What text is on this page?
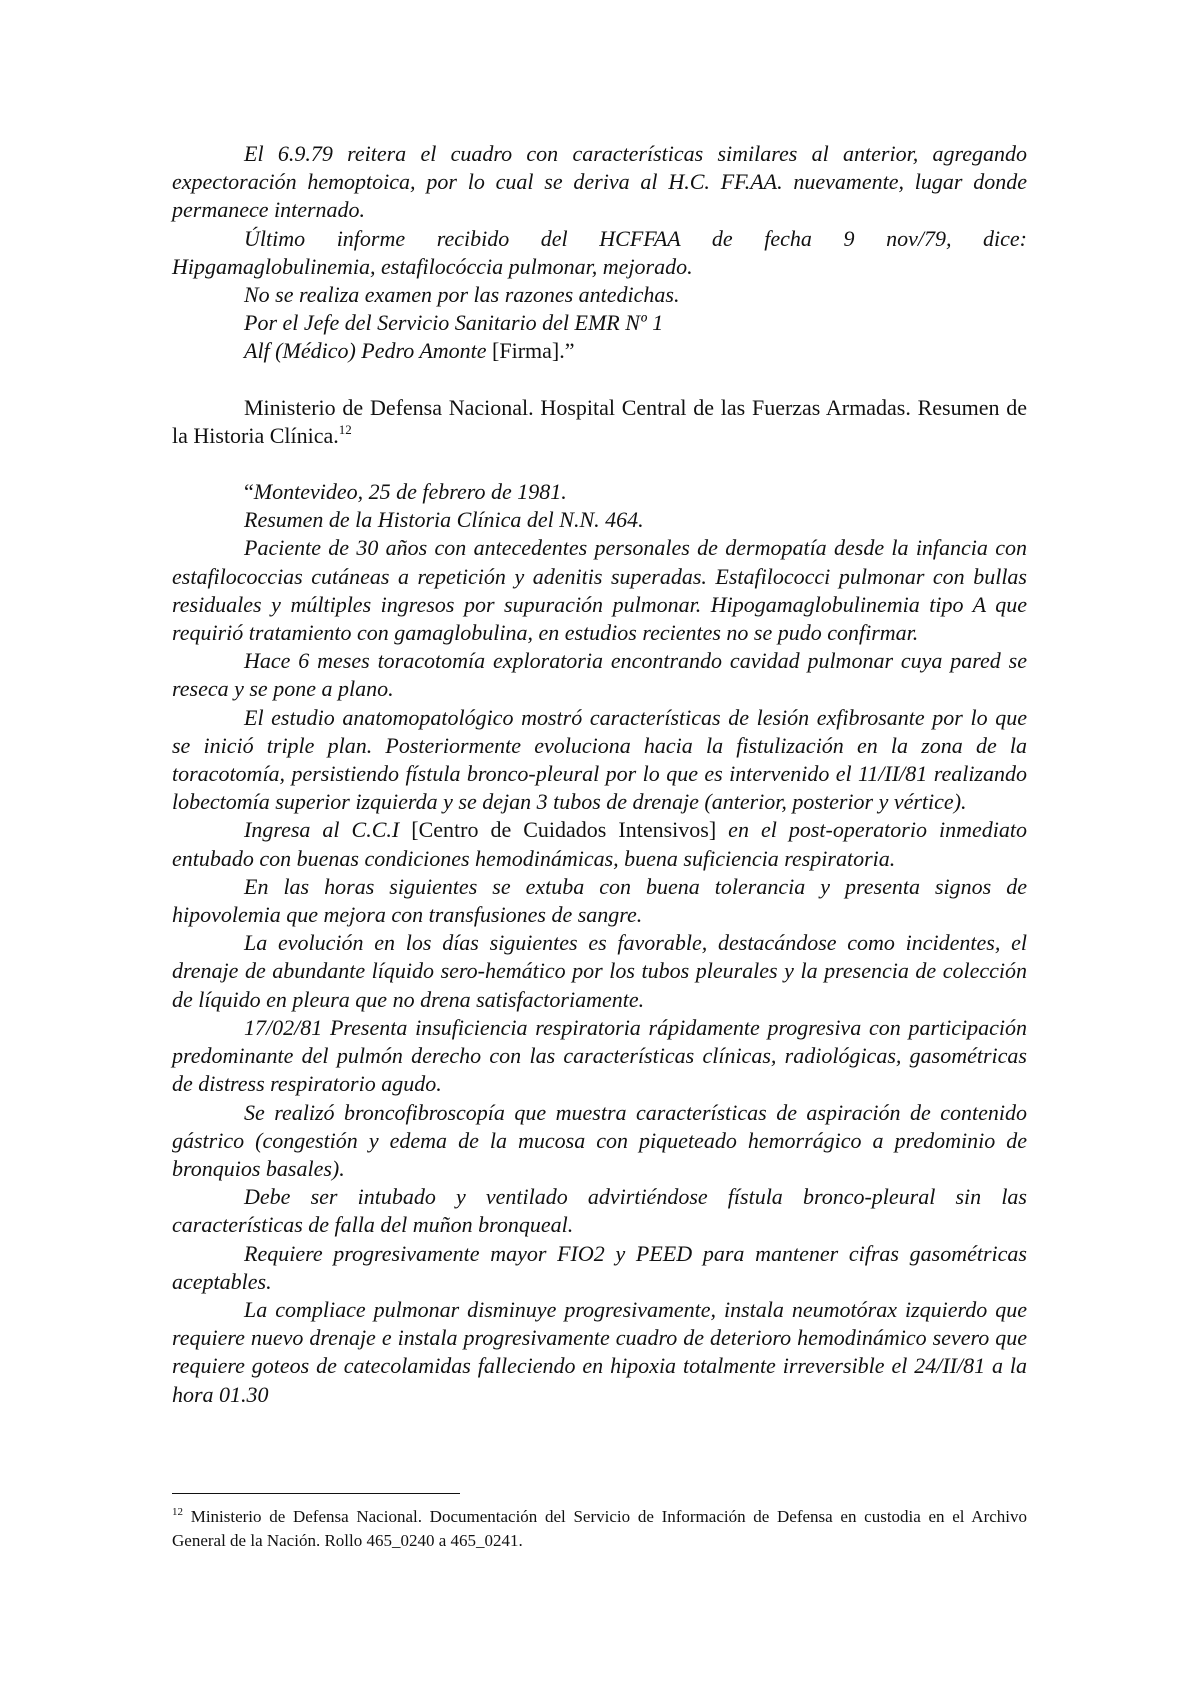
El 6.9.79 reitera el cuadro con características similares al anterior, agregando expectoración hemoptoica, por lo cual se deriva al H.C. FF.AA. nuevamente, lugar donde permanece internado.

Último informe recibido del HCFFAA de fecha 9 nov/79, dice:

Hipgamaglobulinemia, estafilocóccia pulmonar, mejorado.

No se realiza examen por las razones antedichas.

Por el Jefe del Servicio Sanitario del EMR Nº 1

Alf (Médico) Pedro Amonte [Firma].”

Ministerio de Defensa Nacional. Hospital Central de las Fuerzas Armadas. Resumen de la Historia Clínica.$^{12}$

“Montevideo, 25 de febrero de 1981.

Resumen de la Historia Clínica del N.N. 464.

Paciente de 30 años con antecedentes personales de dermopatía desde la infancia con estafilococcias cutáneas a repetición y adenitis superadas. Estafilococci pulmonar con bullas residuales y múltiples ingresos por supuración pulmonar. Hipogamaglobulinemia tipo A que requirió tratamiento con gamaglobulina, en estudios recientes no se pudo confirmar.

Hace 6 meses toracotomía exploratoria encontrando cavidad pulmonar cuya pared se reseca y se pone a plano.

El estudio anatomopatológico mostró características de lesión exfibrosante por lo que se inició triple plan. Posteriormente evoluciona hacia la fistulización en la zona de la toracotomía, persistiendo fístula bronco-pleural por lo que es intervenido el 11/II/81 realizando lobectomía superior izquierda y se dejan 3 tubos de drenaje (anterior, posterior y vértice).

Ingresa al C.C.I [Centro de Cuidados Intensivos] en el post-operatorio inmediato entubado con buenas condiciones hemodinámicas, buena suficiencia respiratoria.

En las horas siguientes se extuba con buena tolerancia y presenta signos de hipovolemia que mejora con transfusiones de sangre.

La evolución en los días siguientes es favorable, destacándose como incidentes, el drenaje de abundante líquido sero-hemático por los tubos pleurales y la presencia de colección de líquido en pleura que no drena satisfactoriamente.

17/02/81 Presenta insuficiencia respiratoria rápidamente progresiva con participación predominante del pulmón derecho con las características clínicas, radiológicas, gasométricas de distress respiratorio agudo.

Se realizó broncofibroscopía que muestra características de aspiración de contenido gástrico (congestión y edema de la mucosa con piqueteado hemorrágico a predominio de bronquios basales).

Debe ser intubado y ventilado advirtiéndose fístula bronco-pleural sin las características de falla del muñon bronqueal.

Requiere progresivamente mayor FIO2 y PEED para mantener cifras gasométricas aceptables.

La compliace pulmonar disminuye progresivamente, instala neumotórax izquierdo que requiere nuevo drenaje e instala progresivamente cuadro de deterioro hemodinámico severo que requiere goteos de catecolamidas falleciendo en hipoxia totalmente irreversible el 24/II/81 a la hora 01.30

$^{12}$ Ministerio de Defensa Nacional. Documentación del Servicio de Información de Defensa en custodia en el Archivo General de la Nación. Rollo 465_0240 a 465_0241.
